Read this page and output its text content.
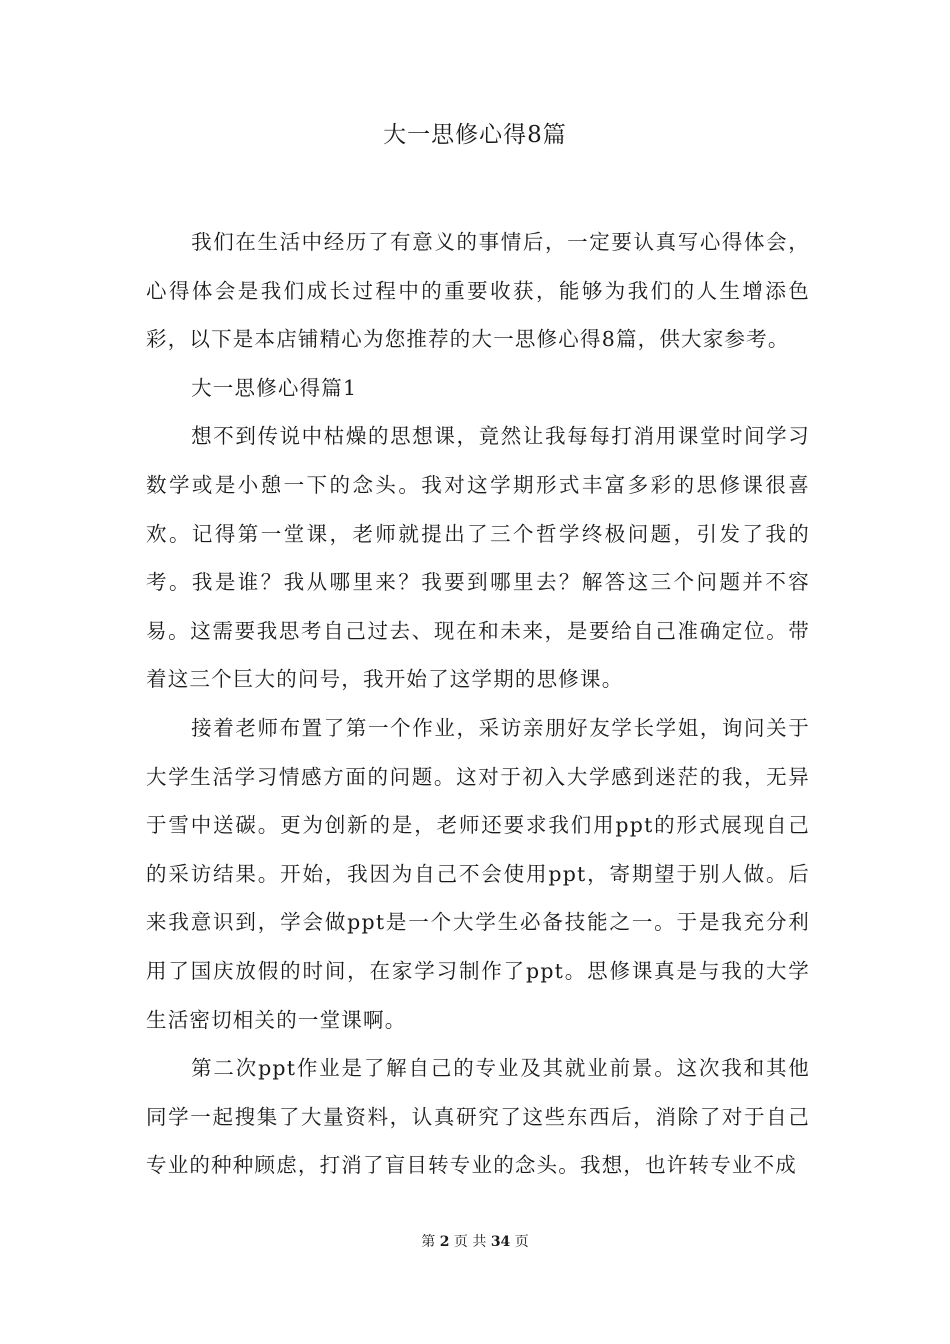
大一思修心得8篇

我们在生活中经历了有意义的事情后，一定要认真写心得体会，心得体会是我们成长过程中的重要收获，能够为我们的人生增添色彩，以下是本店铺精心为您推荐的大一思修心得8篇，供大家参考。

大一思修心得篇1

想不到传说中枯燥的思想课，竟然让我每每打消用课堂时间学习数学或是小憩一下的念头。我对这学期形式丰富多彩的思修课很喜欢。记得第一堂课，老师就提出了三个哲学终极问题，引发了我的考。我是谁？我从哪里来？我要到哪里去？解答这三个问题并不容易。这需要我思考自己过去、现在和未来，是要给自己准确定位。带着这三个巨大的问号，我开始了这学期的思修课。

接着老师布置了第一个作业，采访亲朋好友学长学姐，询问关于大学生活学习情感方面的问题。这对于初入大学感到迷茫的我，无异于雪中送碳。更为创新的是，老师还要求我们用ppt的形式展现自己的采访结果。开始，我因为自己不会使用ppt，寄期望于别人做。后来我意识到，学会做ppt是一个大学生必备技能之一。于是我充分利用了国庆放假的时间，在家学习制作了ppt。思修课真是与我的大学生活密切相关的一堂课啊。

第二次ppt作业是了解自己的专业及其就业前景。这次我和其他同学一起搜集了大量资料，认真研究了这些东西后，消除了对于自己专业的种种顾虑，打消了盲目转专业的念头。我想，也许转专业不成

第 2 页 共 34 页
